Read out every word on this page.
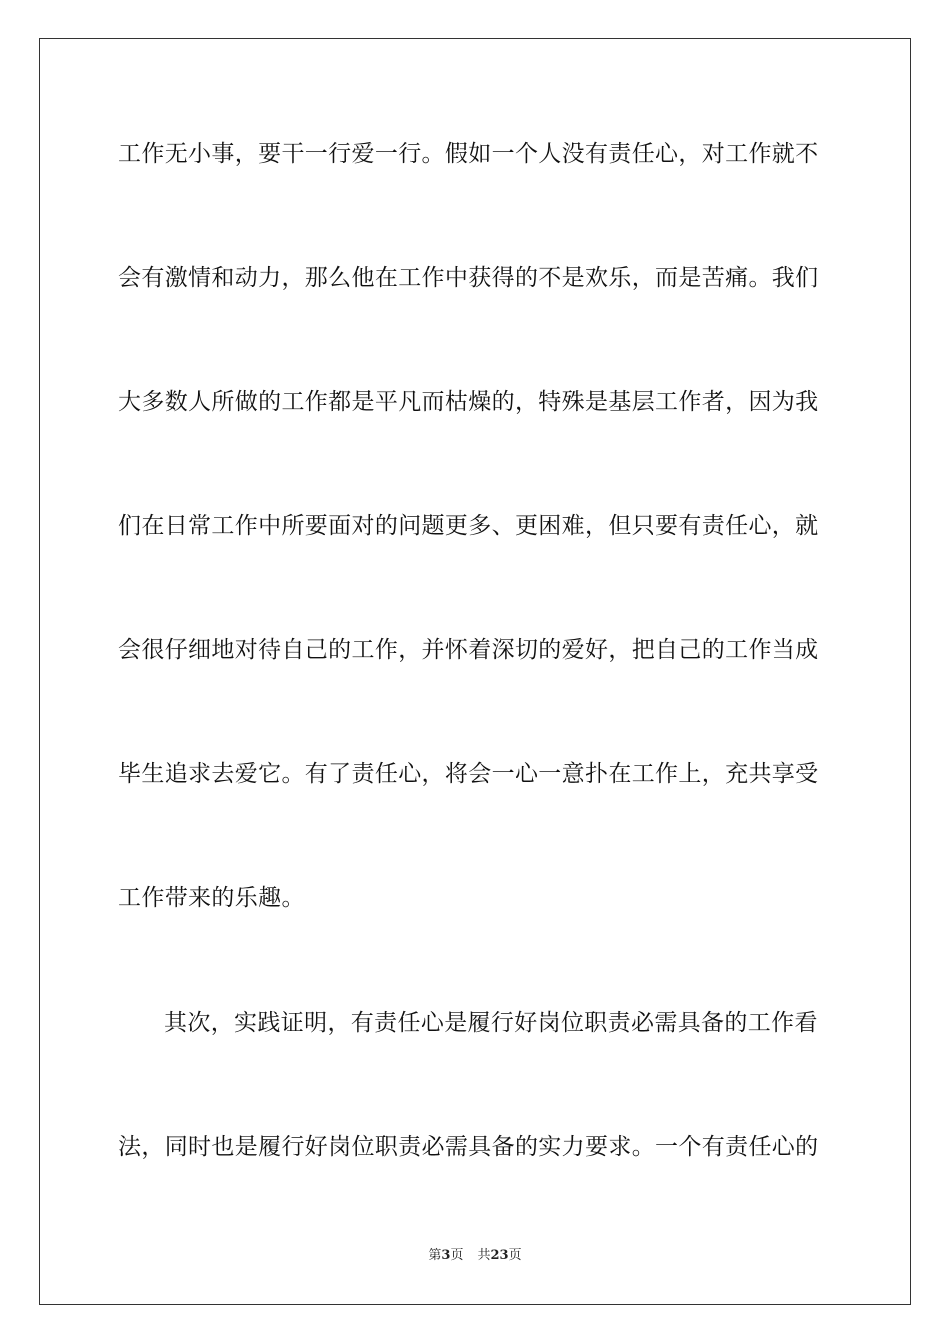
工作无小事，要干一行爱一行。假如一个人没有责任心，对工作就不
会有激情和动力，那么他在工作中获得的不是欢乐，而是苦痛。我们
大多数人所做的工作都是平凡而枯燥的，特殊是基层工作者，因为我
们在日常工作中所要面对的问题更多、更困难，但只要有责任心，就
会很仔细地对待自己的工作，并怀着深切的爱好，把自己的工作当成
毕生追求去爱它。有了责任心，将会一心一意扑在工作上，充共享受
工作带来的乐趣。
其次，实践证明，有责任心是履行好岗位职责必需具备的工作看
法，同时也是履行好岗位职责必需具备的实力要求。一个有责任心的
第3页 共23页
